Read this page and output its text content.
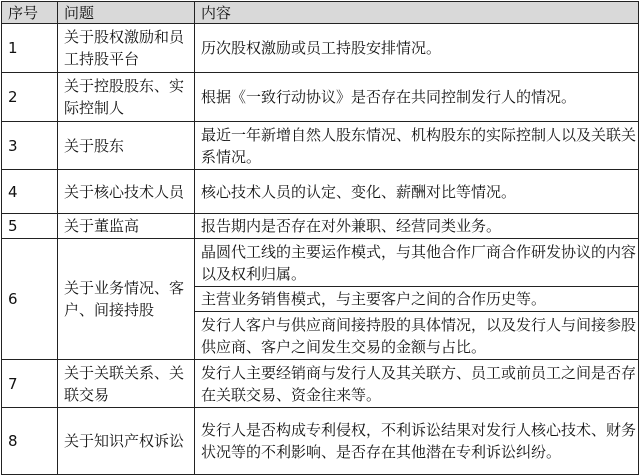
序号	问题	内容
1	关于股权激励和员工持股平台	历次股权激励或员工持股安排情况。
2	关于控股股东、实际控制人	根据《一致行动协议》是否存在共同控制发行人的情况。
3	关于股东	最近一年新增自然人股东情况、机构股东的实际控制人以及关联关系情况。
4	关于核心技术人员	核心技术人员的认定、变化、薪酬对比等情况。
5	关于董监高	报告期内是否存在对外兼职、经营同类业务。
6	关于业务情况、客户、间接持股	晶圆代工线的主要运作模式，与其他合作厂商合作研发协议的内容以及权利归属。
		主营业务销售模式，与主要客户之间的合作历史等。
		发行人客户与供应商间接持股的具体情况，以及发行人与间接参股供应商、客户之间发生交易的金额与占比。
7	关于关联关系、关联交易	发行人主要经销商与发行人及其关联方、员工或前员工之间是否存在关联交易、资金往来等。
8	关于知识产权诉讼	发行人是否构成专利侵权，不利诉讼结果对发行人核心技术、财务状况等的不利影响、是否存在其他潜在专利诉讼纠纷。
